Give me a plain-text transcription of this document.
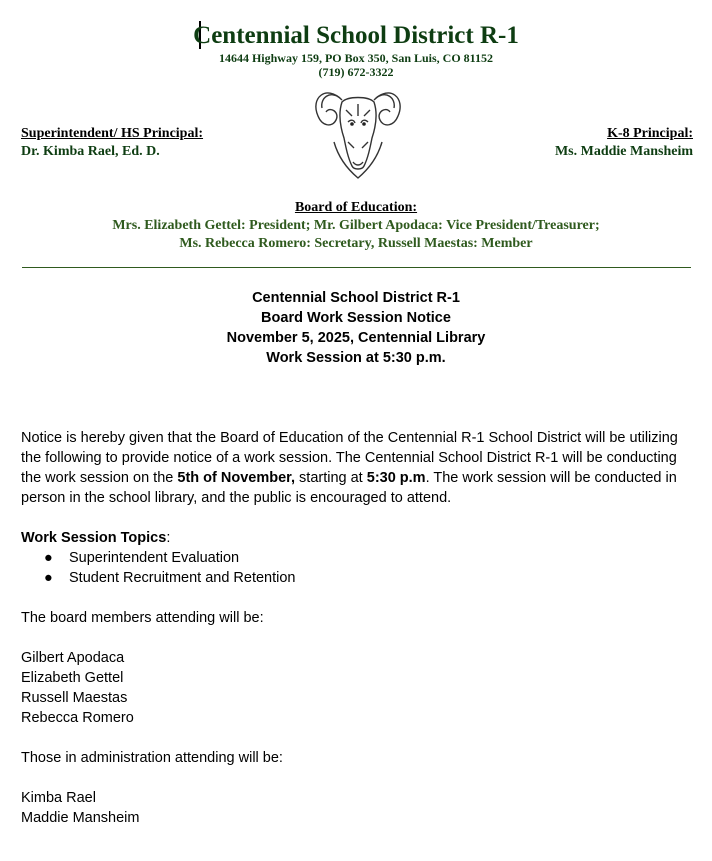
Centennial School District R-1
14644 Highway 159, PO Box 350, San Luis, CO 81152
(719) 672-3322
Superintendent/ HS Principal:
Dr. Kimba Rael, Ed. D.
K-8 Principal:
Ms. Maddie Mansheim
Board of Education:
Mrs. Elizabeth Gettel: President; Mr. Gilbert Apodaca: Vice President/Treasurer;
Ms. Rebecca Romero: Secretary, Russell Maestas: Member
Centennial School District R-1
Board Work Session Notice
November 5, 2025, Centennial Library
Work Session at 5:30 p.m.

Notice is hereby given that the Board of Education of the Centennial R-1 School District will be utilizing the following to provide notice of a work session. The Centennial School District R-1 will be conducting the work session on the 5th of November, starting at 5:30 p.m. The work session will be conducted in person in the school library, and the public is encouraged to attend.

Work Session Topics:

● Superintendent Evaluation
● Student Recruitment and Retention

The board members attending will be:

Gilbert Apodaca

Elizabeth Gettel

Russell Maestas

Rebecca Romero

Those in administration attending will be:

Kimba Rael

Maddie Mansheim
